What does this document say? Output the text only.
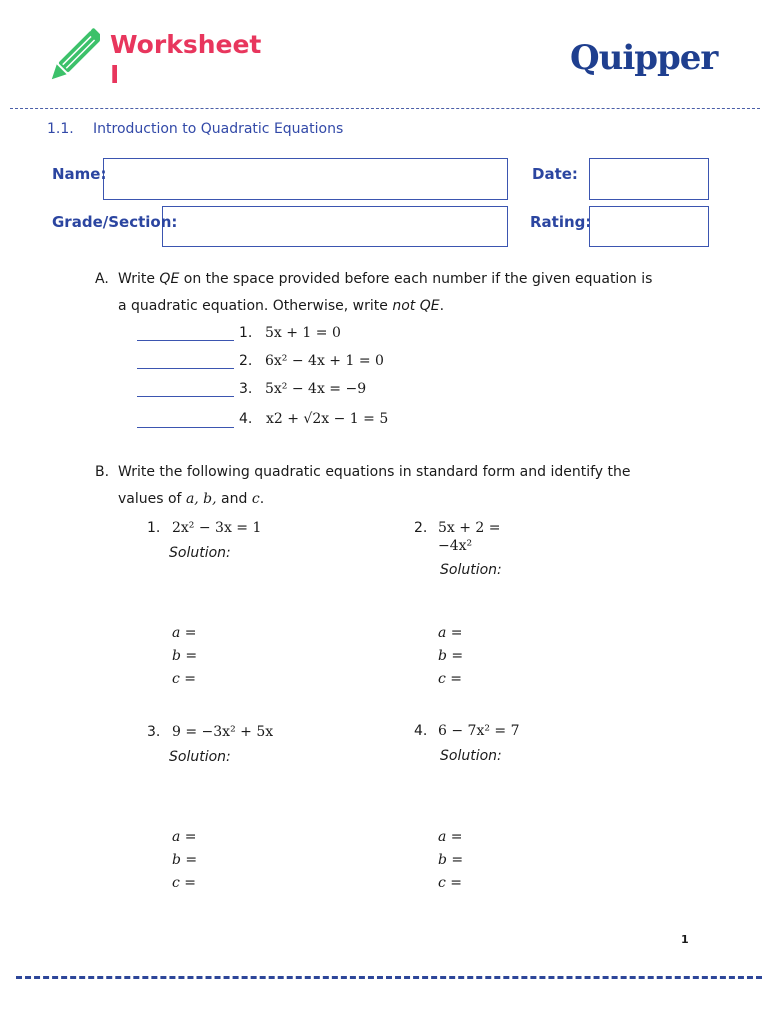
Worksheet I	Quipper
1.1. Introduction to Quadratic Equations
Name:	Date:
Grade/Section:	Rating:
A. Write QE on the space provided before each number if the given equation is
a quadratic equation. Otherwise, write not QE.
1. 5x + 1 = 0
2. 6x² − 4x + 1 = 0
3. 5x² − 4x = −9
4. x2 + √2x − 1 = 5
B. Write the following quadratic equations in standard form and identify the
values of a, b, and c.
1. 2x² − 3x = 1
Solution:
a =
b =
c =
2. 5x + 2 =
−4x²
Solution:
a =
b =
c =
3. 9 = −3x² + 5x
Solution:
a =
b =
c =
4. 6 − 7x² = 7
Solution:
a =
b =
c =
1
